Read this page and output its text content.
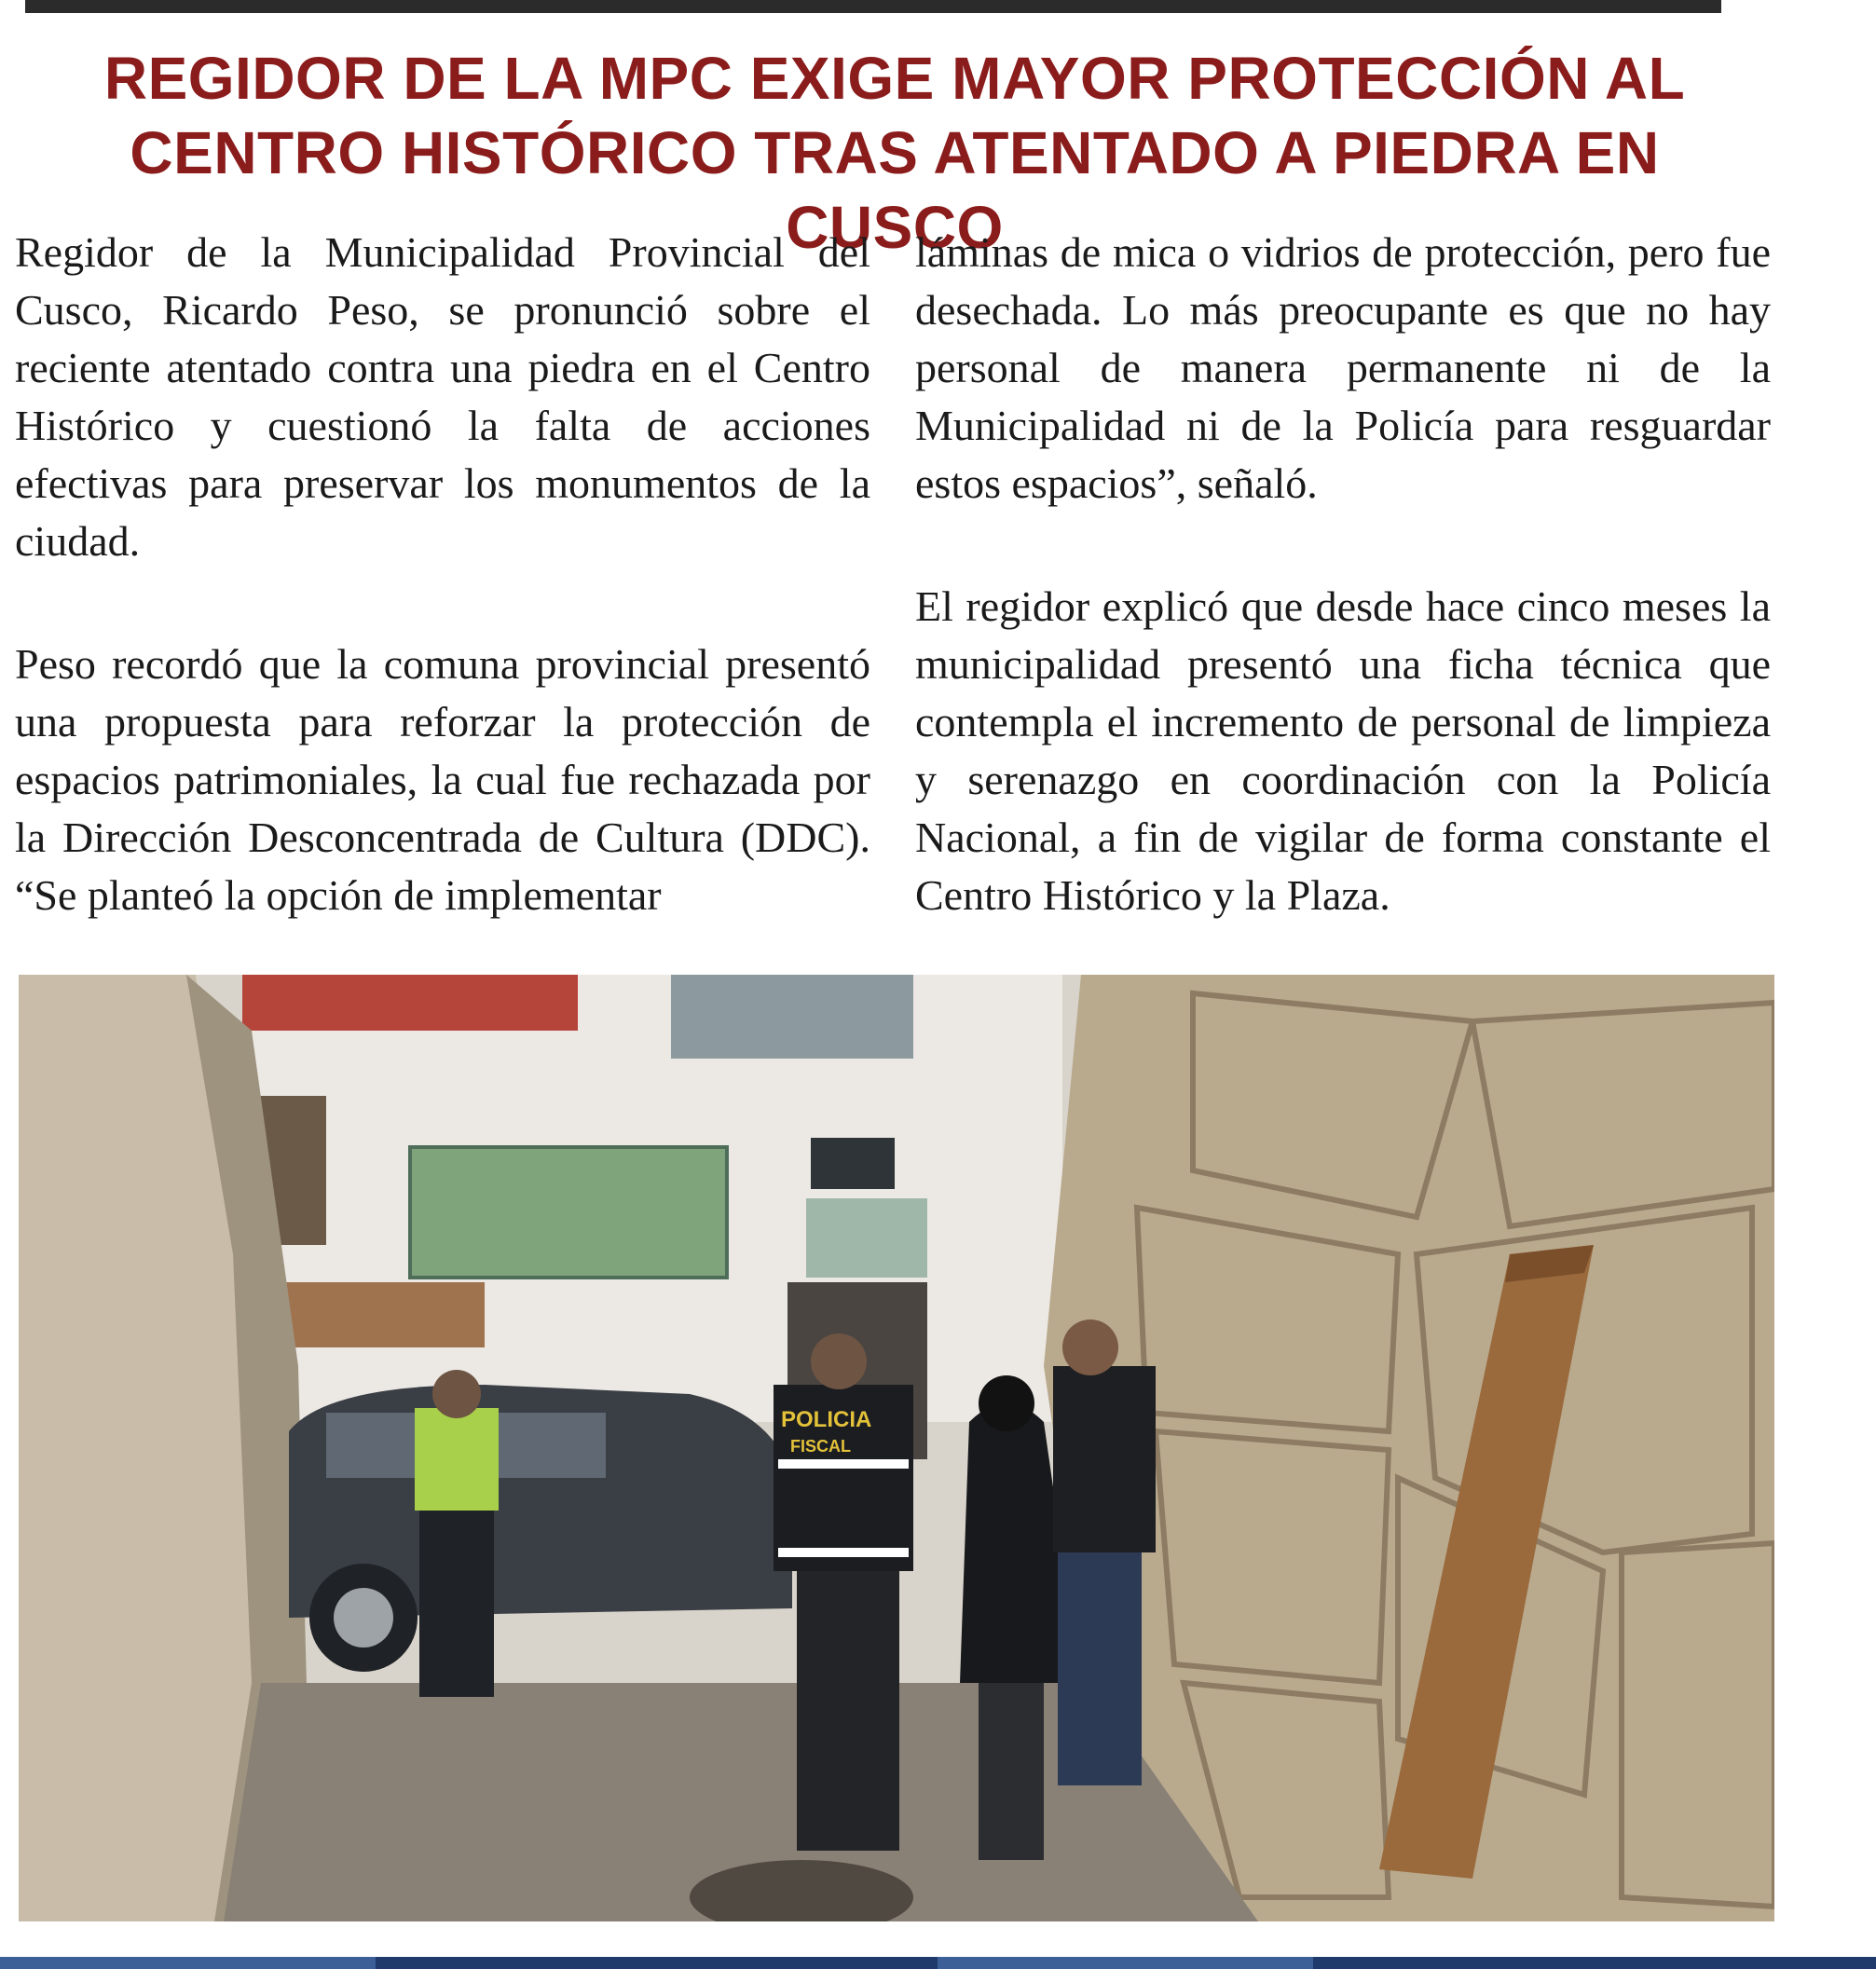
REGIDOR DE LA MPC EXIGE MAYOR PROTECCIÓN AL
CENTRO HISTÓRICO TRAS ATENTADO A PIEDRA EN CUSCO

Regidor de la Municipalidad Provincial del Cusco, Ricardo Peso, se pronunció sobre el reciente atentado contra una piedra en el Centro Histórico y cuestionó la falta de acciones efectivas para preservar los monumentos de la ciudad.

Peso recordó que la comuna provincial presentó una propuesta para reforzar la protección de espacios patrimoniales, la cual fue rechazada por la Dirección Desconcentrada de Cultura (DDC). “Se planteó la opción de implementar

láminas de mica o vidrios de protección, pero fue desechada. Lo más preocupante es que no hay personal de manera permanente ni de la Municipalidad ni de la Policía para resguardar estos espacios”, señaló.

El regidor explicó que desde hace cinco meses la municipalidad presentó una ficha técnica que contempla el incremento de personal de limpieza y serenazgo en coordinación con la Policía Nacional, a fin de vigilar de forma constante el Centro Histórico y la Plaza.

POLICIA
FISCAL
